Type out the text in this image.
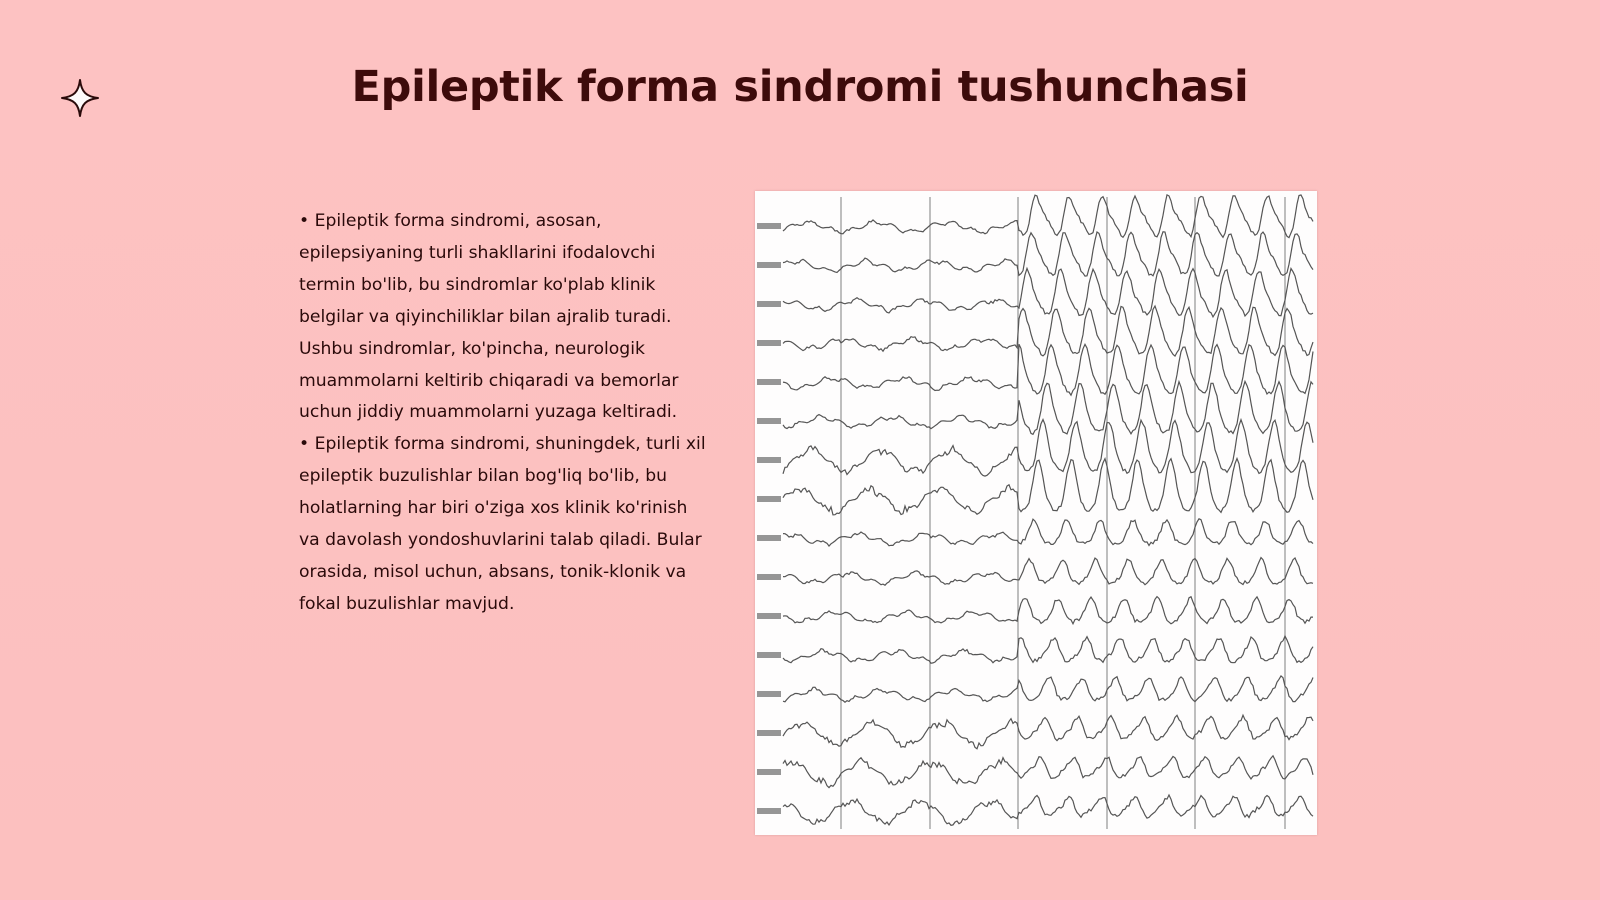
Epileptik forma sindromi tushunchasi

• Epileptik forma sindromi, asosan, epilepsiyaning turli shakllarini ifodalovchi termin bo'lib, bu sindromlar ko'plab klinik belgilar va qiyinchiliklar bilan ajralib turadi. Ushbu sindromlar, ko'pincha, neurologik muammolarni keltirib chiqaradi va bemorlar uchun jiddiy muammolarni yuzaga keltiradi.

• Epileptik forma sindromi, shuningdek, turli xil epileptik buzulishlar bilan bog'liq bo'lib, bu holatlarning har biri o'ziga xos klinik ko'rinish va davolash yondoshuvlarini talab qiladi. Bular orasida, misol uchun, absans, tonik-klonik va fokal buzulishlar mavjud.
